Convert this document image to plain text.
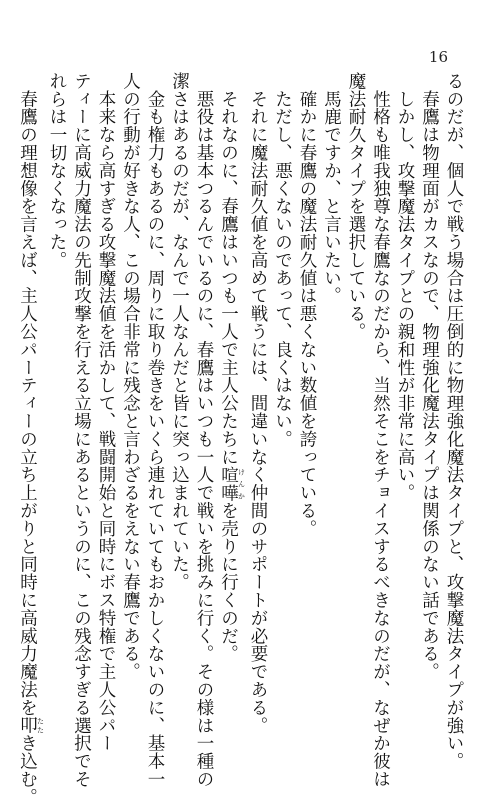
16

るのだが、個人で戦う場合は圧倒的に物理強化魔法タイプと、攻撃魔法タイプが強い。

　春鷹は物理面がカスなので、物理強化魔法タイプは関係のない話である。

　しかし、攻撃魔法タイプとの親和性が非常に高い。

　性格も唯我独尊な春鷹なのだから、当然そこをチョイスするべきなのだが、なぜか彼は

魔法耐久タイプを選択している。

　馬鹿ですか、と言いたい。

　確かに春鷹の魔法耐久値は悪くない数値を誇っている。

　ただし、悪くないのであって、良くはない。

　それに魔法耐久値を高めて戦うには、間違いなく仲間のサポートが必要である。

　それなのに、春鷹はいつも一人で主人公たちに喧嘩 けんかを売りに行くのだ。

　悪役は基本つるんでいるのに、春鷹はいつも一人で戦いを挑みに行く。その様は一種の

潔さはあるのだが、なんで一人なんだと皆に突っ込まれていた。

　金も権力もあるのに、周りに取り巻きをいくら連れていてもおかしくないのに、基本一

人の行動が好きな人、この場合非常に残念と言わざるをえない春鷹である。

　本来なら高すぎる攻撃魔法値を活かして、戦闘開始と同時にボス特権で主人公パー

ティーに高威力魔法の先制攻撃を行える立場にあるというのに、この残念すぎる選択でそ

れらは一切なくなった。

　春鷹の理想像を言えば、主人公パーティーの立ち上がりと同時に高威力魔法を叩 たたき込む。
